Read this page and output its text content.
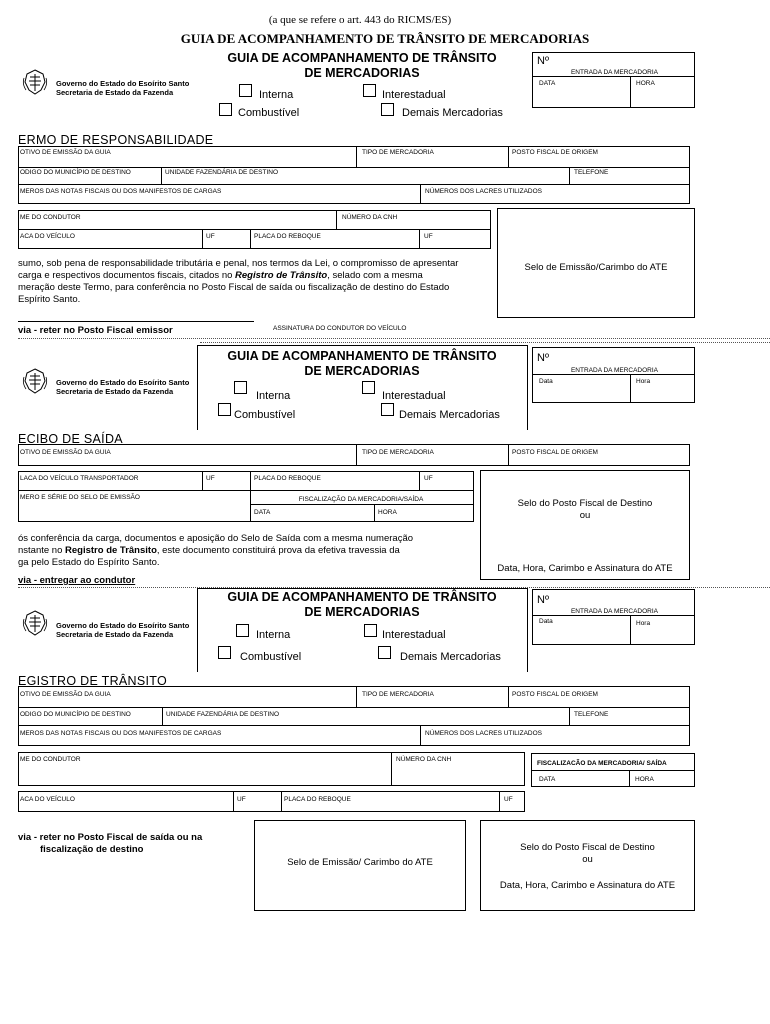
(a que se refere o art. 443 do RICMS/ES)
GUIA DE ACOMPANHAMENTO DE TRÂNSITO DE MERCADORIAS
Governo do Estado do Esoírito Santo
Secretaria de Estado da Fazenda
GUIA DE ACOMPANHAMENTO DE TRÂNSITO
DE MERCADORIAS
Interna	Interestadual
Combustível	Demais Mercadorias
Nº
ENTRADA DA MERCADORIA
DATA	HORA
ERMO DE RESPONSABILIDADE
OTIVO DE EMISSÃO DA GUIA	TIPO DE MERCADORIA	POSTO FISCAL DE ORIGEM
ODIGO DO MUNICÍPIO DE DESTINO	UNIDADE FAZENDÁRIA DE DESTINO	TELEFONE
MEROS DAS NOTAS FISCAIS OU DOS MANIFESTOS DE CARGAS	NÚMEROS DOS LACRES UTILIZADOS
ME DO CONDUTOR	NÚMERO DA CNH
ACA DO VEÍCULO	UF	PLACA DO REBOQUE	UF
Selo de Emissão/Carimbo do ATE
sumo, sob pena de responsabilidade tributária e penal, nos termos da Lei, o compromisso de apresentar
carga e respectivos documentos fiscais, citados no Registro de Trânsito, selado com a mesma
meração deste Termo, para conferência no Posto Fiscal de saída ou fiscalização de destino do Estado
Espírito Santo.
via - reter no Posto Fiscal emissor	ASSINATURA DO CONDUTOR DO VEÍCULO
Governo do Estado do Esoírito Santo
Secretaria de Estado da Fazenda
GUIA DE ACOMPANHAMENTO DE TRÂNSITO
DE MERCADORIAS
Interna	Interestadual
Combustível	Demais Mercadorias
Nº
ENTRADA DA MERCADORIA
Data	Hora
ECIBO DE SAÍDA
OTIVO DE EMISSÃO DA GUIA	TIPO DE MERCADORIA	POSTO FISCAL DE ORIGEM
LACA DO VEÍCULO TRANSPORTADOR	UF	PLACA DO REBOQUE	UF
MERO E SÉRIE DO SELO DE EMISSÃO	FISCALIZAÇÃO DA MERCADORIA/SAÍDA
DATA	HORA
Selo do Posto Fiscal de Destino
ou
Data, Hora, Carimbo e Assinatura do ATE
ós conferência da carga, documentos e aposição do Selo de Saída com a mesma numeração
nstante no Registro de Trânsito, este documento constituirá prova da efetiva travessia da
ga pelo Estado do Espírito Santo.
via - entregar ao condutor
Governo do Estado do Esoírito Santo
Secretaria de Estado da Fazenda
GUIA DE ACOMPANHAMENTO DE TRÂNSITO
DE MERCADORIAS
Interna	Interestadual
Combustível	Demais Mercadorias
Nº
ENTRADA DA MERCADORIA
Data	Hora
EGISTRO DE TRÂNSITO
OTIVO DE EMISSÃO DA GUIA	TIPO DE MERCADORIA	POSTO FISCAL DE ORIGEM
ODIGO DO MUNICÍPIO DE DESTINO	UNIDADE FAZENDÁRIA DE DESTINO	TELEFONE
MEROS DAS NOTAS FISCAIS OU DOS MANIFESTOS DE CARGAS	NÚMEROS DOS LACRES UTILIZADOS
ME DO CONDUTOR	NÚMERO DA CNH
FISCALIZACÃO DA MERCADORIA/ SAÍDA
DATA	HORA
ACA DO VEÍCULO	UF	PLACA DO REBOQUE	UF
via - reter no Posto Fiscal de saída ou na
fiscalização de destino
Selo de Emissão/ Carimbo do ATE
Selo do Posto Fiscal de Destino
ou
Data, Hora, Carimbo e Assinatura do ATE
